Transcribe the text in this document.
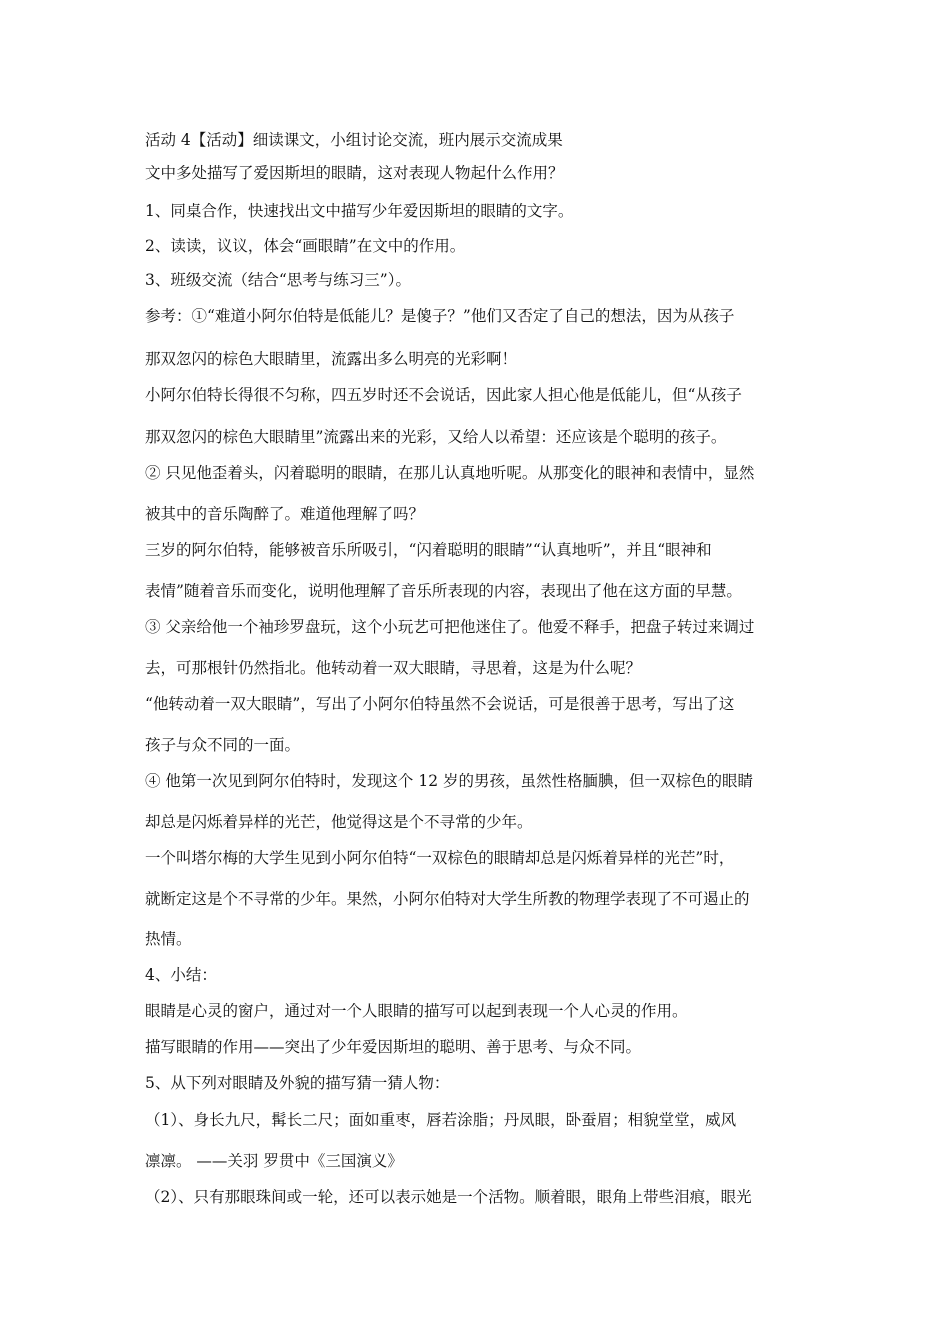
活动 4【活动】细读课文，小组讨论交流，班内展示交流成果
文中多处描写了爱因斯坦的眼睛，这对表现人物起什么作用？
1、同桌合作，快速找出文中描写少年爱因斯坦的眼睛的文字。
2、读读，议议，体会“画眼睛”在文中的作用。
3、班级交流（结合“思考与练习三”）。
参考：①“难道小阿尔伯特是低能儿？是傻子？”他们又否定了自己的想法，因为从孩子
那双忽闪的棕色大眼睛里，流露出多么明亮的光彩啊！
小阿尔伯特长得很不匀称，四五岁时还不会说话，因此家人担心他是低能儿，但“从孩子
那双忽闪的棕色大眼睛里”流露出来的光彩，又给人以希望：还应该是个聪明的孩子。
② 只见他歪着头，闪着聪明的眼睛，在那儿认真地听呢。从那变化的眼神和表情中，显然
被其中的音乐陶醉了。难道他理解了吗？
三岁的阿尔伯特，能够被音乐所吸引，“闪着聪明的眼睛”“认真地听”，并且“眼神和
表情”随着音乐而变化，说明他理解了音乐所表现的内容，表现出了他在这方面的早慧。
③ 父亲给他一个袖珍罗盘玩，这个小玩艺可把他迷住了。他爱不释手，把盘子转过来调过
去，可那根针仍然指北。他转动着一双大眼睛，寻思着，这是为什么呢？
“他转动着一双大眼睛”，写出了小阿尔伯特虽然不会说话，可是很善于思考，写出了这
孩子与众不同的一面。
④ 他第一次见到阿尔伯特时，发现这个 12 岁的男孩，虽然性格腼腆，但一双棕色的眼睛
却总是闪烁着异样的光芒，他觉得这是个不寻常的少年。
一个叫塔尔梅的大学生见到小阿尔伯特“一双棕色的眼睛却总是闪烁着异样的光芒”时，
就断定这是个不寻常的少年。果然，小阿尔伯特对大学生所教的物理学表现了不可遏止的
热情。
4、小结：
眼睛是心灵的窗户，通过对一个人眼睛的描写可以起到表现一个人心灵的作用。
描写眼睛的作用——突出了少年爱因斯坦的聪明、善于思考、与众不同。
5、从下列对眼睛及外貌的描写猜一猜人物：
（1）、身长九尺，髯长二尺；面如重枣，唇若涂脂；丹凤眼，卧蚕眉；相貌堂堂，威风
凛凛。 ——关羽 罗贯中《三国演义》
（2）、只有那眼珠间或一轮，还可以表示她是一个活物。顺着眼，眼角上带些泪痕，眼光
